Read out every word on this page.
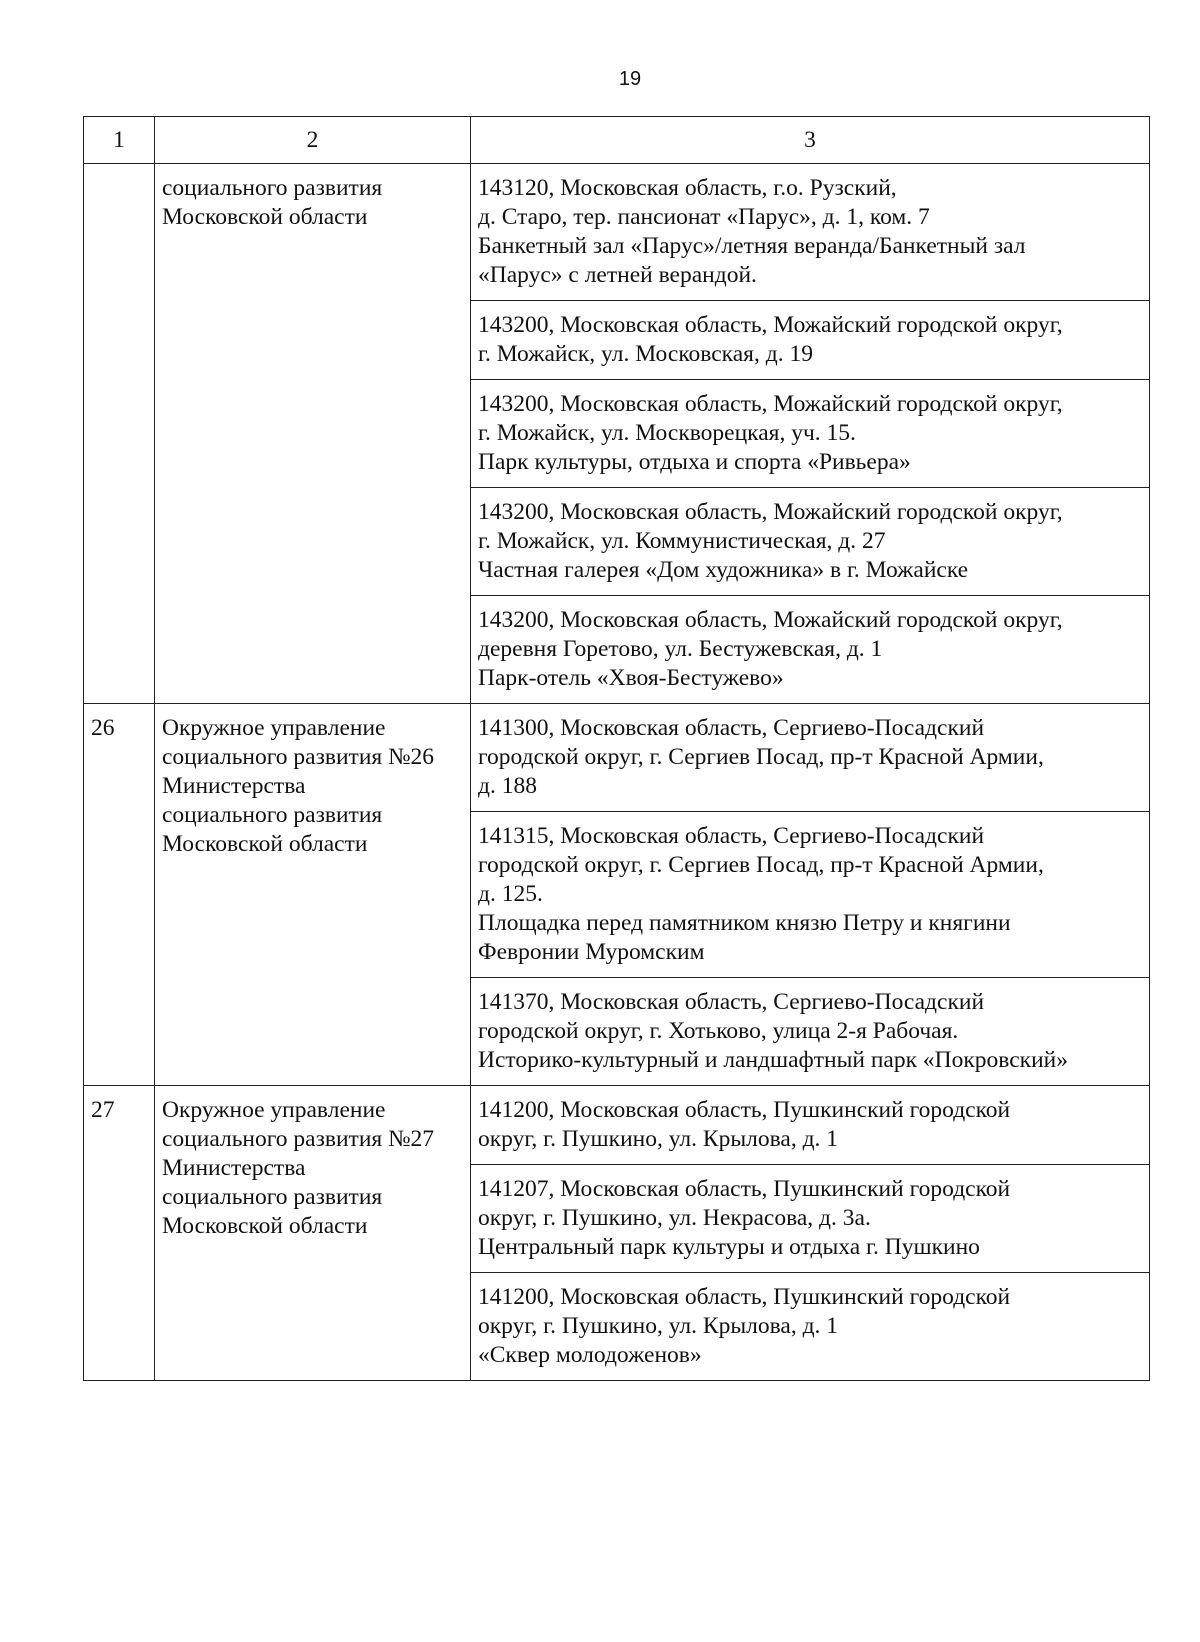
19
1	2	3

	социального развития
Московской области	143120, Московская область, г.о. Рузский,
д. Старо, тер. пансионат «Парус», д. 1, ком. 7
Банкетный зал «Парус»/летняя веранда/Банкетный зал
«Парус» с летней верандой.

		143200, Московская область, Можайский городской округ,
г. Можайск, ул. Московская, д. 19

		143200, Московская область, Можайский городской округ,
г. Можайск, ул. Москворецкая, уч. 15.
Парк культуры, отдыха и спорта «Ривьера»

		143200, Московская область, Можайский городской округ,
г. Можайск, ул. Коммунистическая, д. 27
Частная галерея «Дом художника» в г. Можайске

		143200, Московская область, Можайский городской округ,
деревня Горетово, ул. Бестужевская, д. 1
Парк-отель «Хвоя-Бестужево»

26	Окружное управление
социального развития №26
Министерства
социального развития
Московской области	141300, Московская область, Сергиево-Посадский
городской округ, г. Сергиев Посад, пр-т Красной Армии,
д. 188

		141315, Московская область, Сергиево-Посадский
городской округ, г. Сергиев Посад, пр-т Красной Армии,
д. 125.
Площадка перед памятником князю Петру и княгини
Февронии Муромским

		141370, Московская область, Сергиево-Посадский
городской округ, г. Хотьково, улица 2-я Рабочая.
Историко-культурный и ландшафтный парк «Покровский»

27	Окружное управление
социального развития №27
Министерства
социального развития
Московской области	141200, Московская область, Пушкинский городской
округ, г. Пушкино, ул. Крылова, д. 1

		141207, Московская область, Пушкинский городской
округ, г. Пушкино, ул. Некрасова, д. 3а.
Центральный парк культуры и отдыха г. Пушкино

		141200, Московская область, Пушкинский городской
округ, г. Пушкино, ул. Крылова, д. 1
«Сквер молодоженов»
